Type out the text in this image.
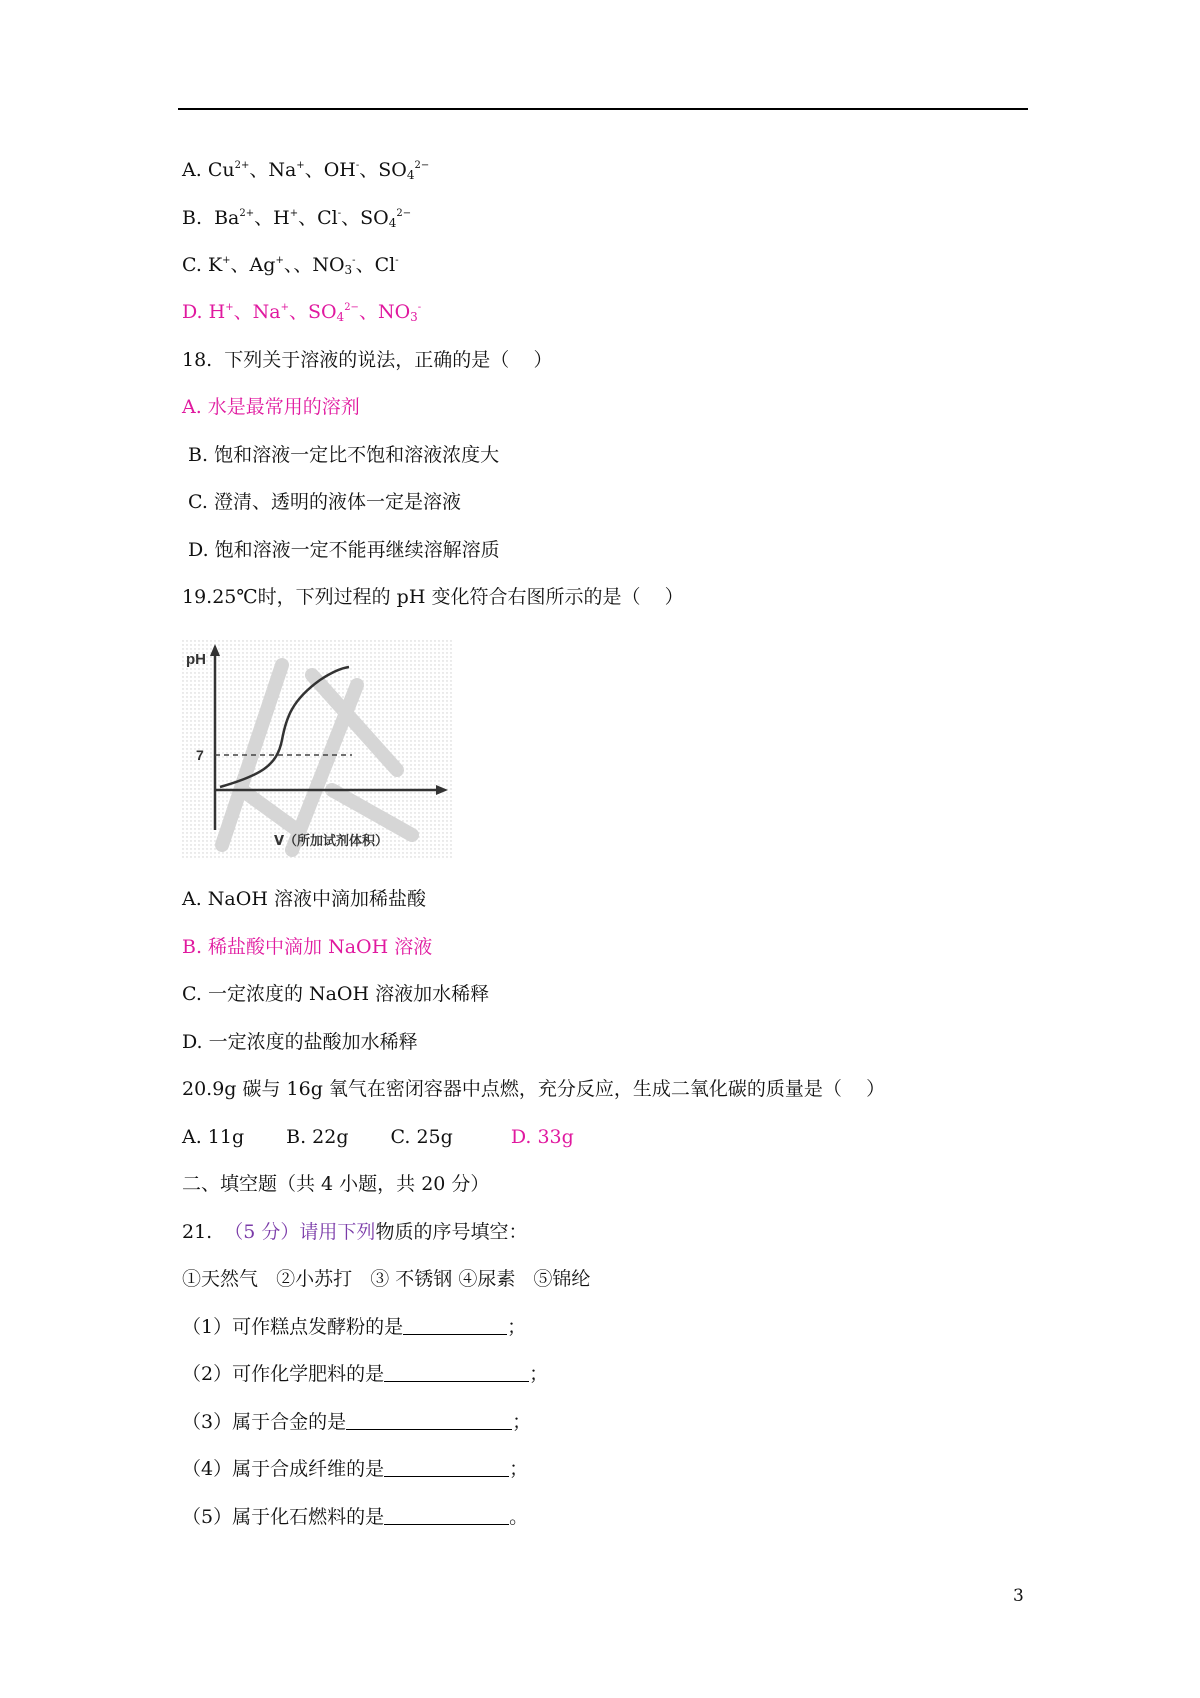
A. $Cu^{2+}$、Na+、OH-、$SO_4^{2-}$
B.  $Ba^{2+}$、H+、Cl-、$SO_4^{2-}$
C. K+、Ag+、、$NO_3^-$、Cl-
D. H+、Na+、$SO_4^{2-}$、$NO_3^-$
18.  下列关于溶液的说法，正确的是（    ）
A. 水是最常用的溶剂
B. 饱和溶液一定比不饱和溶液浓度大
C. 澄清、透明的液体一定是溶液
D. 饱和溶液一定不能再继续溶解溶质
19.25℃时，下列过程的 pH 变化符合右图所示的是（    ）
pH
7
V（所加试剂体积）
A. NaOH 溶液中滴加稀盐酸
B. 稀盐酸中滴加 NaOH 溶液
C. 一定浓度的 NaOH 溶液加水稀释
D. 一定浓度的盐酸加水稀释
20.9g 碳与 16g 氧气在密闭容器中点燃，充分反应，生成二氧化碳的质量是（    ）
A. 11g B. 22g C. 25g	D. 33g
二、填空题（共 4 小题，共 20 分）
21.  （5 分）请用下列物质的序号填空：
①天然气   ②小苏打   ③ 不锈钢 ④尿素   ⑤锦纶
（1）可作糕点发酵粉的是	；
（2）可作化学肥料的是	；
（3）属于合金的是	；
（4）属于合成纤维的是	；
（5）属于化石燃料的是	。
3
